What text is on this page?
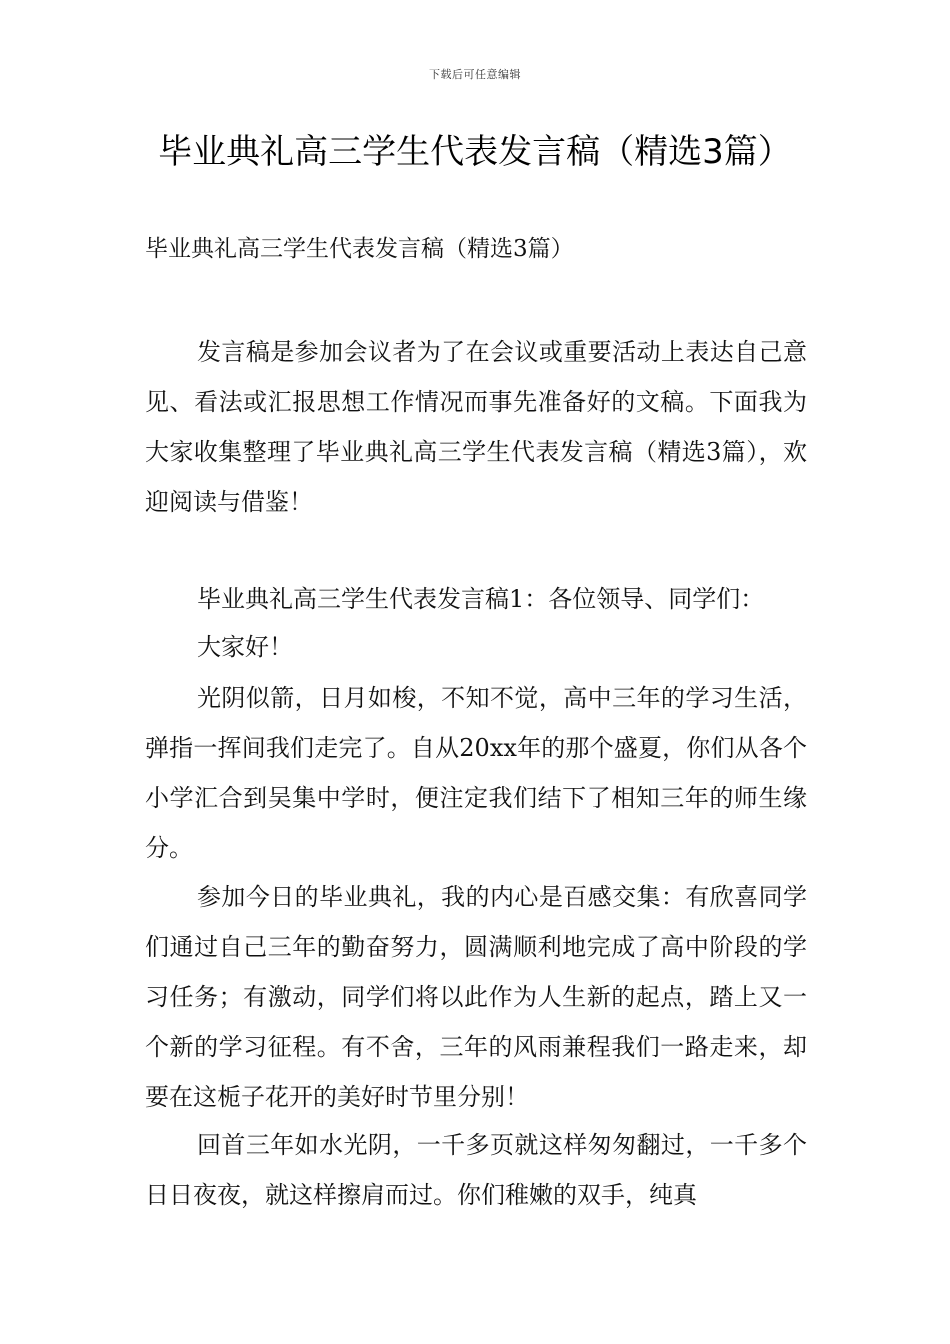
下载后可任意编辑
毕业典礼高三学生代表发言稿（精选3篇）

毕业典礼高三学生代表发言稿（精选3篇）

发言稿是参加会议者为了在会议或重要活动上表达自己意见、看法或汇报思想工作情况而事先准备好的文稿。下面我为大家收集整理了毕业典礼高三学生代表发言稿（精选3篇），欢迎阅读与借鉴！

毕业典礼高三学生代表发言稿1：各位领导、同学们：

大家好！

光阴似箭，日月如梭，不知不觉，高中三年的学习生活，弹指一挥间我们走完了。自从20xx年的那个盛夏，你们从各个小学汇合到吴集中学时，便注定我们结下了相知三年的师生缘分。

参加今日的毕业典礼，我的内心是百感交集：有欣喜同学们通过自己三年的勤奋努力，圆满顺利地完成了高中阶段的学习任务；有激动，同学们将以此作为人生新的起点，踏上又一个新的学习征程。有不舍，三年的风雨兼程我们一路走来，却要在这栀子花开的美好时节里分别！

回首三年如水光阴，一千多页就这样匆匆翻过，一千多个日日夜夜，就这样擦肩而过。你们稚嫩的双手，纯真
